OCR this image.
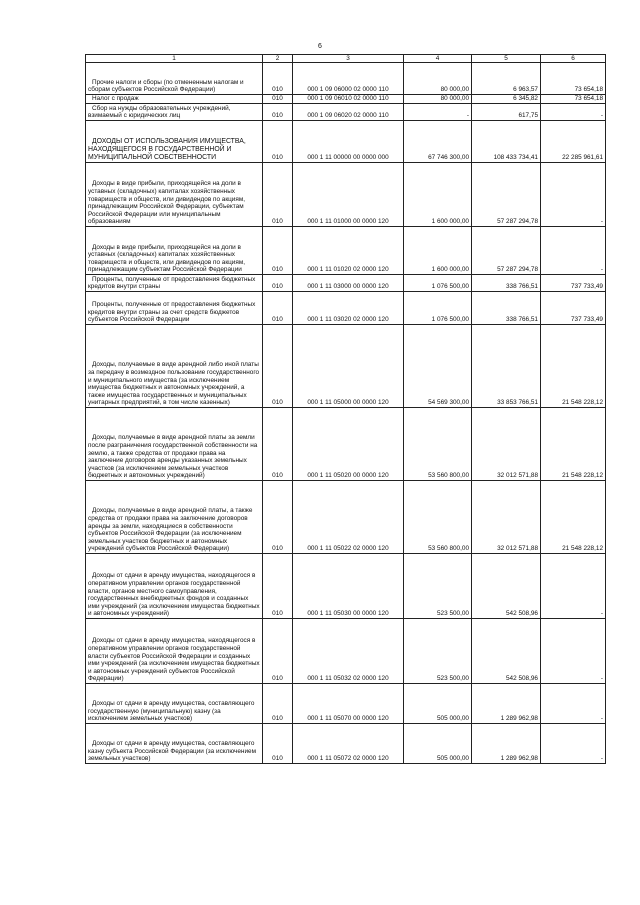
6
1	2	3	4	5	6
Прочие налоги и сборы (по отмененным налогам и сборам субъектов Российской Федерации)	010	000 1 09 06000 02 0000 110	80 000,00	6 963,57	73 654,18
Налог с продаж	010	000 1 09 06010 02 0000 110	80 000,00	6 345,82	73 654,18
Сбор на нужды образовательных учреждений, взимаемый с юридических лиц	010	000 1 09 06020 02 0000 110	-	617,75	-
ДОХОДЫ ОТ ИСПОЛЬЗОВАНИЯ ИМУЩЕСТВА, НАХОДЯЩЕГОСЯ В ГОСУДАРСТВЕННОЙ И МУНИЦИПАЛЬНОЙ СОБСТВЕННОСТИ	010	000 1 11 00000 00 0000 000	67 746 300,00	108 433 734,41	22 285 961,61
Доходы в виде прибыли, приходящейся на доли в уставных (складочных) капиталах хозяйственных товариществ и обществ, или дивидендов по акциям, принадлежащим Российской Федерации, субъектам Российской Федерации или муниципальным образованиям	010	000 1 11 01000 00 0000 120	1 600 000,00	57 287 294,78	-
Доходы в виде прибыли, приходящейся на доли в уставных (складочных) капиталах хозяйственных товариществ и обществ, или дивидендов по акциям, принадлежащим субъектам Российской Федерации	010	000 1 11 01020 02 0000 120	1 600 000,00	57 287 294,78	-
Проценты, полученные от предоставления бюджетных кредитов внутри страны	010	000 1 11 03000 00 0000 120	1 076 500,00	338 766,51	737 733,49
Проценты, полученные от предоставления бюджетных кредитов внутри страны за счет средств бюджетов субъектов Российской Федерации	010	000 1 11 03020 02 0000 120	1 076 500,00	338 766,51	737 733,49
Доходы, получаемые в виде арендной либо иной платы за передачу в возмездное пользование государственного и муниципального имущества (за исключением имущества бюджетных и автономных учреждений, а также имущества государственных и муниципальных унитарных предприятий, в том числе казенных)	010	000 1 11 05000 00 0000 120	54 569 300,00	33 853 766,51	21 548 228,12
Доходы, получаемые в виде арендной платы за земли после разграничения государственной собственности на землю, а также средства от продажи права на заключение договоров аренды указанных земельных участков (за исключением земельных участков бюджетных и автономных учреждений)	010	000 1 11 05020 00 0000 120	53 560 800,00	32 012 571,88	21 548 228,12
Доходы, получаемые в виде арендной платы, а также средства от продажи права на заключение договоров аренды за земли, находящиеся в собственности субъектов Российской Федерации (за исключением земельных участков бюджетных и автономных учреждений субъектов Российской Федерации)	010	000 1 11 05022 02 0000 120	53 560 800,00	32 012 571,88	21 548 228,12
Доходы от сдачи в аренду имущества, находящегося в оперативном управлении органов государственной власти, органов местного самоуправления, государственных внебюджетных фондов и созданных ими учреждений (за исключением имущества бюджетных и автономных учреждений)	010	000 1 11 05030 00 0000 120	523 500,00	542 508,96	-
Доходы от сдачи в аренду имущества, находящегося в оперативном управлении органов государственной власти субъектов Российской Федерации и созданных ими учреждений (за исключением имущества бюджетных и автономных учреждений субъектов Российской Федерации)	010	000 1 11 05032 02 0000 120	523 500,00	542 508,96	-
Доходы от сдачи в аренду имущества, составляющего государственную (муниципальную) казну (за исключением земельных участков)	010	000 1 11 05070 00 0000 120	505 000,00	1 289 962,98	-
Доходы от сдачи в аренду имущества, составляющего казну субъекта Российской Федерации (за исключением земельных участков)	010	000 1 11 05072 02 0000 120	505 000,00	1 289 962,98	-
